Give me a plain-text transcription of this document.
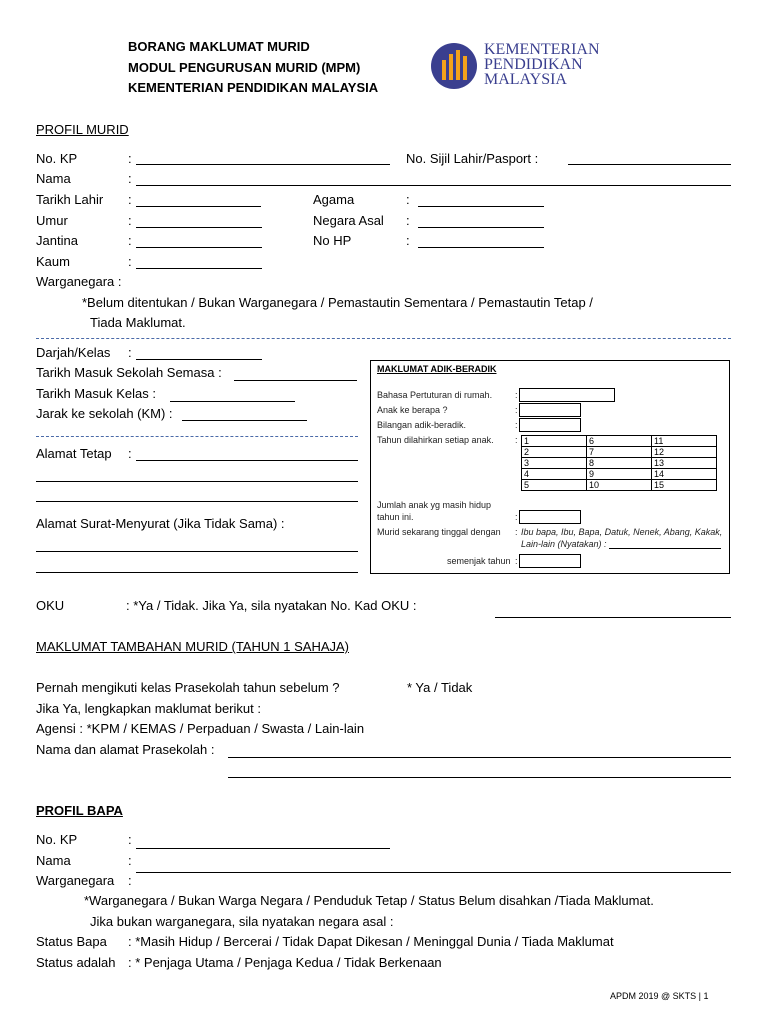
BORANG MAKLUMAT MURID
MODUL PENGURUSAN MURID (MPM)
KEMENTERIAN PENDIDIKAN MALAYSIA
KEMENTERIAN
PENDIDIKAN
MALAYSIA
PROFIL MURID
No. KP	:	No. Sijil Lahir/Pasport :
Nama	:
Tarikh Lahir :	Agama	:
Umur	:	Negara Asal :
Jantina	:	No HP	:
Kaum	:
Warganegara :
*Belum ditentukan / Bukan Warganegara / Pemastautin Sementara / Pemastautin Tetap /
Tiada Maklumat.
Darjah/Kelas :
Tarikh Masuk Sekolah Semasa :
Tarikh Masuk Kelas :
Jarak ke sekolah (KM) :
Alamat Tetap :
Alamat Surat-Menyurat (Jika Tidak Sama) :
MAKLUMAT ADIK-BERADIK
Bahasa Pertuturan di rumah.	:
Anak ke berapa ?	:
Bilangan adik-beradik.	:
Tahun dilahirkan setiap anak. : 1	6	11
2	7	12
3	8	13
4	9	14
5	10	15
Jumlah anak yg masih hidup
tahun ini.	:
Murid sekarang tinggal dengan : Ibu bapa, Ibu, Bapa, Datuk, Nenek, Abang, Kakak,
Lain-lain (Nyatakan) :
semenjak tahun :
OKU	: *Ya / Tidak. Jika Ya, sila nyatakan No. Kad OKU :
MAKLUMAT TAMBAHAN MURID (TAHUN 1 SAHAJA)
Pernah mengikuti kelas Prasekolah tahun sebelum ?	* Ya / Tidak
Jika Ya, lengkapkan maklumat berikut :
Agensi : *KPM / KEMAS / Perpaduan / Swasta / Lain-lain
Nama dan alamat Prasekolah :
PROFIL BAPA
No. KP	:
Nama	:
Warganegara :
*Warganegara / Bukan Warga Negara / Penduduk Tetap / Status Belum disahkan /Tiada Maklumat.
Jika bukan warganegara, sila nyatakan negara asal :
Status Bapa : *Masih Hidup / Bercerai / Tidak Dapat Dikesan / Meninggal Dunia / Tiada Maklumat
Status adalah : * Penjaga Utama / Penjaga Kedua / Tidak Berkenaan
APDM 2019 @ SKTS | 1
